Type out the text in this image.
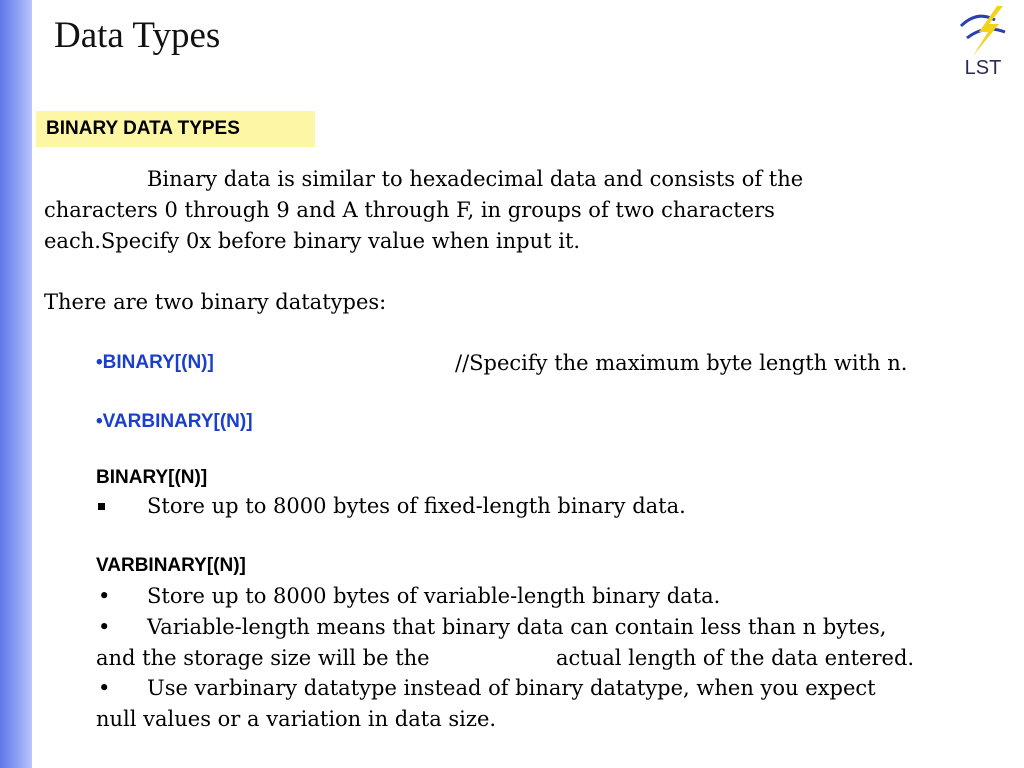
Data Types
LST
BINARY DATA TYPES
Binary data is similar to hexadecimal data and consists of the
characters 0 through 9 and A through F, in groups of two characters
each.Specify 0x before binary value when input it.
There are two binary datatypes:
•BINARY[(N)]	//Specify the maximum byte length with n.
•VARBINARY[(N)]
BINARY[(N)]
Store up to 8000 bytes of fixed-length binary data.
VARBINARY[(N)]
• Store up to 8000 bytes of variable-length binary data.
• Variable-length means that binary data can contain less than n bytes,
and the storage size will be the	actual length of the data entered.
• Use varbinary datatype instead of binary datatype, when you expect
null values or a variation in data size.
